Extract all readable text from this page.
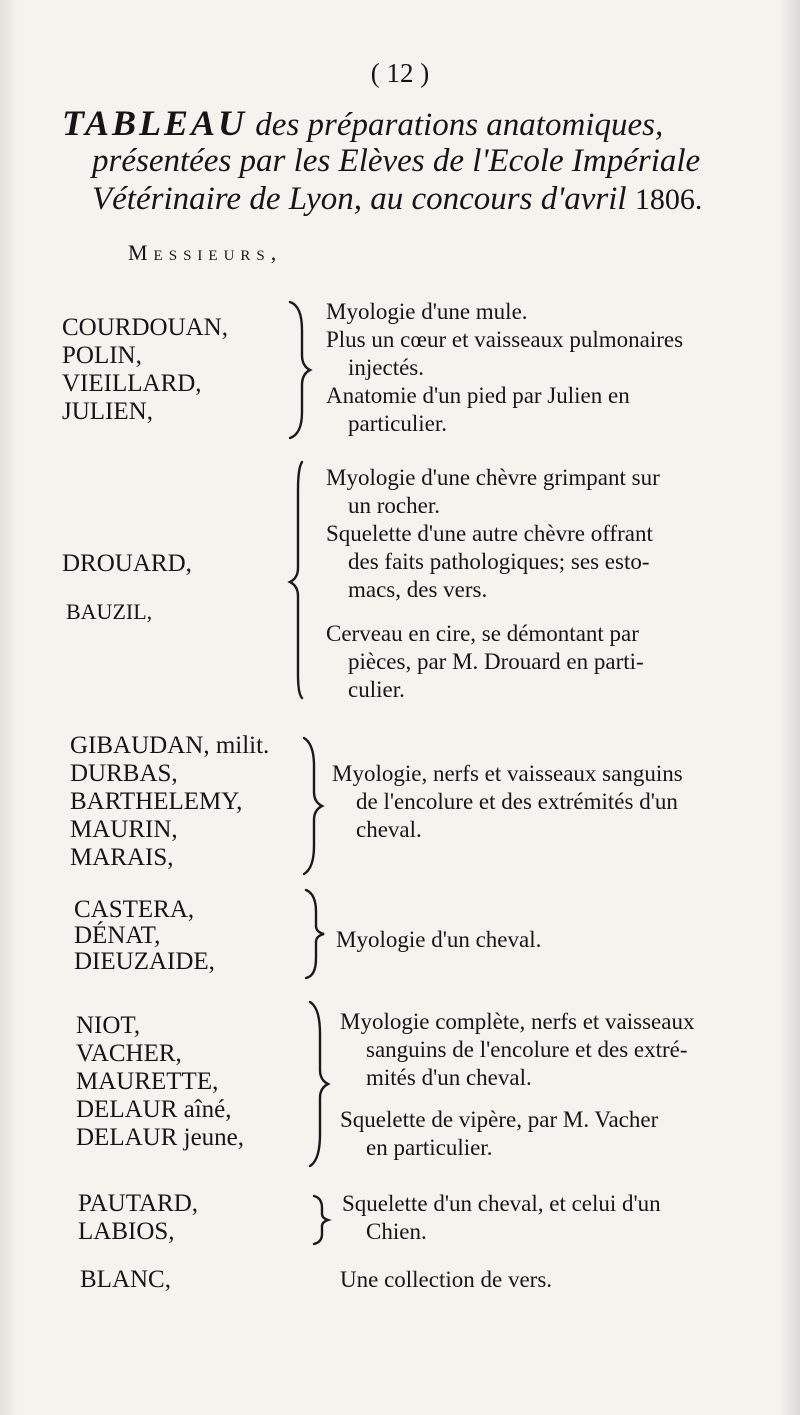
( 12 )
TABLEAU des préparations anatomiques,
présentées par les Elèves de l'Ecole Impériale
Vétérinaire de Lyon, au concours d'avril 1806.
Messieurs,
COURDOUAN,
POLIN,
VIEILLARD,
JULIEN,
Myologie d'une mule.
Plus un cœur et vaisseaux pulmonaires
injectés.
Anatomie d'un pied par Julien en
particulier.
DROUARD,
BAUZIL,
Myologie d'une chèvre grimpant sur
un rocher.
Squelette d'une autre chèvre offrant
des faits pathologiques; ses esto-
macs, des vers.
Cerveau en cire, se démontant par
pièces, par M. Drouard en parti-
culier.
GIBAUDAN, milit.
DURBAS,
BARTHELEMY,
MAURIN,
MARAIS,
Myologie, nerfs et vaisseaux sanguins
de l'encolure et des extrémités d'un
cheval.
CASTERA,
DÉNAT,
DIEUZAIDE,
Myologie d'un cheval.
NIOT,
VACHER,
MAURETTE,
DELAUR aîné,
DELAUR jeune,
Myologie complète, nerfs et vaisseaux
sanguins de l'encolure et des extré-
mités d'un cheval.
Squelette de vipère, par M. Vacher
en particulier.
PAUTARD,
LABIOS,
Squelette d'un cheval, et celui d'un
Chien.
BLANC,	Une collection de vers.
